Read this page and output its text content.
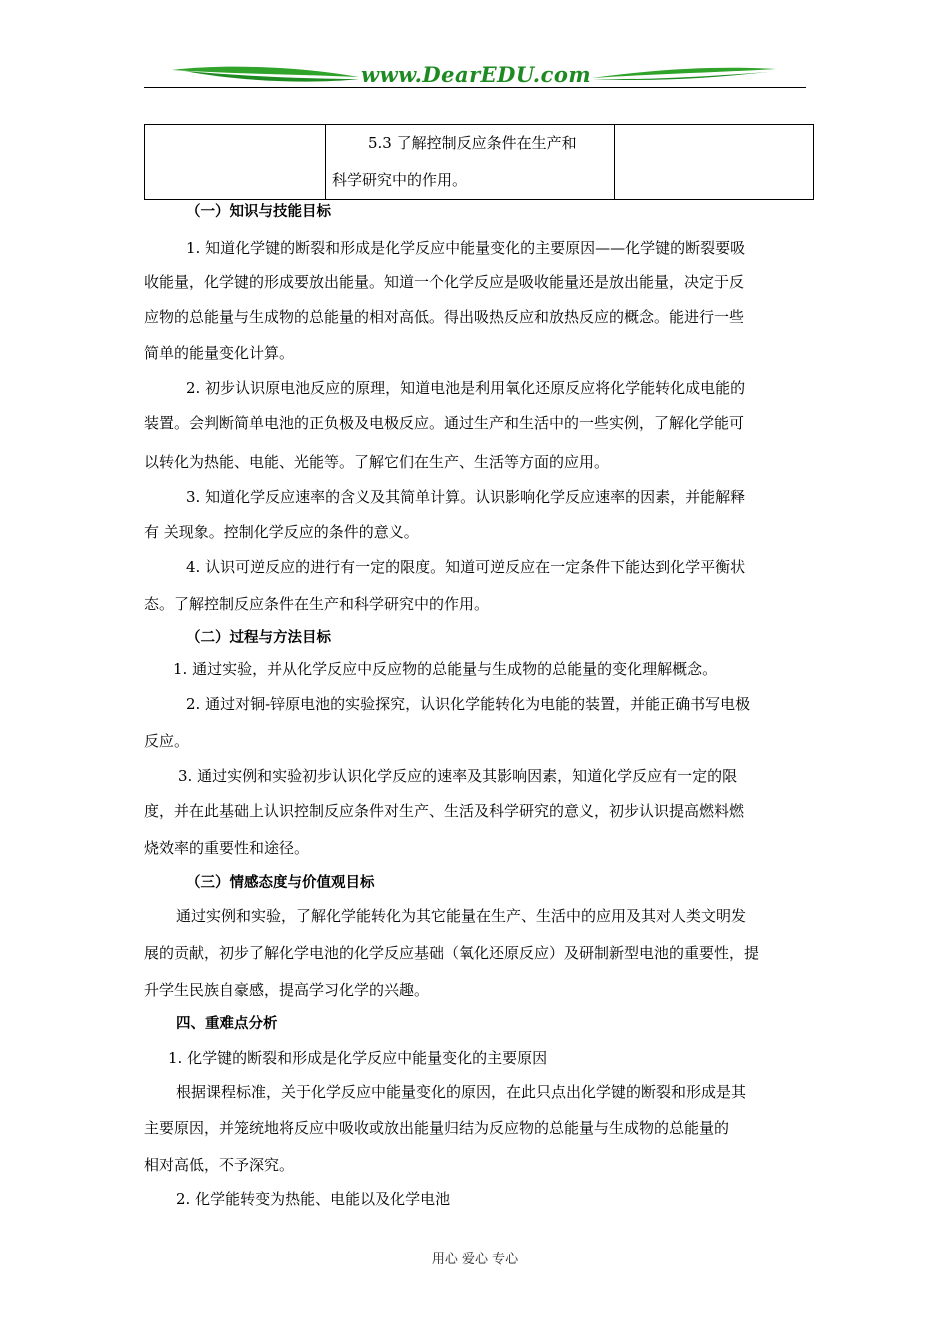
www.DearEDU.com

5.3 了解控制反应条件在生产和
科学研究中的作用。

（一）知识与技能目标
1. 知道化学键的断裂和形成是化学反应中能量变化的主要原因——化学键的断裂要吸
收能量，化学键的形成要放出能量。知道一个化学反应是吸收能量还是放出能量，决定于反
应物的总能量与生成物的总能量的相对高低。得出吸热反应和放热反应的概念。能进行一些
简单的能量变化计算。
2. 初步认识原电池反应的原理，知道电池是利用氧化还原反应将化学能转化成电能的
装置。会判断简单电池的正负极及电极反应。通过生产和生活中的一些实例，了解化学能可
以转化为热能、电能、光能等。了解它们在生产、生活等方面的应用。
3. 知道化学反应速率的含义及其简单计算。认识影响化学反应速率的因素，并能解释
有 关现象。控制化学反应的条件的意义。
4. 认识可逆反应的进行有一定的限度。知道可逆反应在一定条件下能达到化学平衡状
态。了解控制反应条件在生产和科学研究中的作用。
（二）过程与方法目标
1. 通过实验，并从化学反应中反应物的总能量与生成物的总能量的变化理解概念。
2. 通过对铜-锌原电池的实验探究，认识化学能转化为电能的装置，并能正确书写电极
反应。
3. 通过实例和实验初步认识化学反应的速率及其影响因素，知道化学反应有一定的限
度，并在此基础上认识控制反应条件对生产、生活及科学研究的意义，初步认识提高燃料燃
烧效率的重要性和途径。
（三）情感态度与价值观目标
通过实例和实验，了解化学能转化为其它能量在生产、生活中的应用及其对人类文明发
展的贡献，初步了解化学电池的化学反应基础（氧化还原反应）及研制新型电池的重要性，提
升学生民族自豪感，提高学习化学的兴趣。
四、重难点分析
1. 化学键的断裂和形成是化学反应中能量变化的主要原因
根据课程标准，关于化学反应中能量变化的原因，在此只点出化学键的断裂和形成是其
主要原因，并笼统地将反应中吸收或放出能量归结为反应物的总能量与生成物的总能量的
相对高低，不予深究。
2. 化学能转变为热能、电能以及化学电池
用心 爱心 专心
